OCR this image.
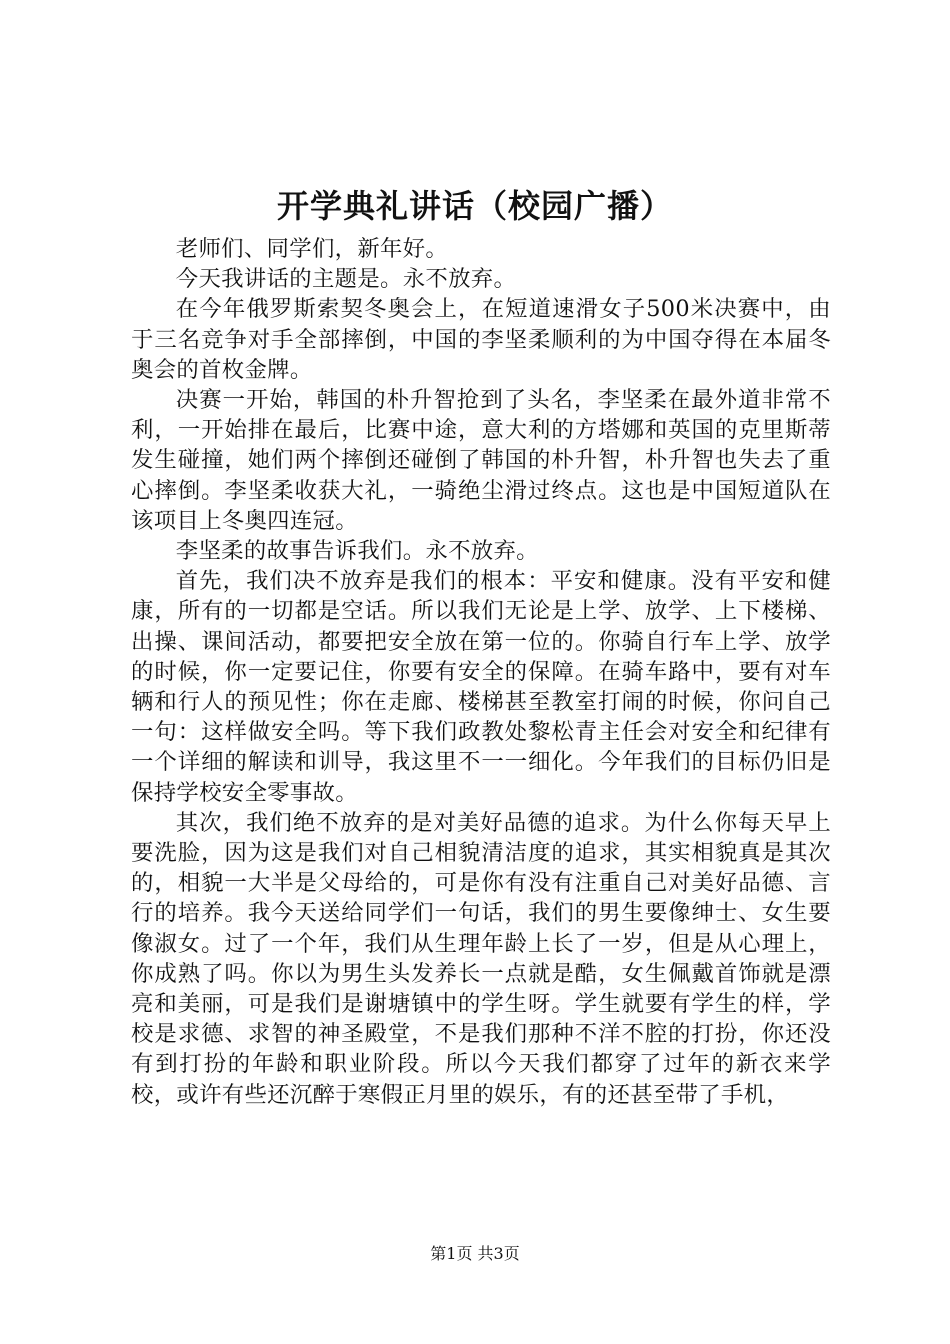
开学典礼讲话（校园广播）

老师们、同学们，新年好。

今天我讲话的主题是。永不放弃。

在今年俄罗斯索契冬奥会上，在短道速滑女子500米决赛中，由于三名竞争对手全部摔倒，中国的李坚柔顺利的为中国夺得在本届冬奥会的首枚金牌。

决赛一开始，韩国的朴升智抢到了头名，李坚柔在最外道非常不利，一开始排在最后，比赛中途，意大利的方塔娜和英国的克里斯蒂发生碰撞，她们两个摔倒还碰倒了韩国的朴升智，朴升智也失去了重心摔倒。李坚柔收获大礼，一骑绝尘滑过终点。这也是中国短道队在该项目上冬奥四连冠。

李坚柔的故事告诉我们。永不放弃。

首先，我们决不放弃是我们的根本：平安和健康。没有平安和健康，所有的一切都是空话。所以我们无论是上学、放学、上下楼梯、出操、课间活动，都要把安全放在第一位的。你骑自行车上学、放学的时候，你一定要记住，你要有安全的保障。在骑车路中，要有对车辆和行人的预见性；你在走廊、楼梯甚至教室打闹的时候，你问自己一句：这样做安全吗。等下我们政教处黎松青主任会对安全和纪律有一个详细的解读和训导，我这里不一一细化。今年我们的目标仍旧是保持学校安全零事故。

其次，我们绝不放弃的是对美好品德的追求。为什么你每天早上要洗脸，因为这是我们对自己相貌清洁度的追求，其实相貌真是其次的，相貌一大半是父母给的，可是你有没有注重自己对美好品德、言行的培养。我今天送给同学们一句话，我们的男生要像绅士、女生要像淑女。过了一个年，我们从生理年龄上长了一岁，但是从心理上，你成熟了吗。你以为男生头发养长一点就是酷，女生佩戴首饰就是漂亮和美丽，可是我们是谢塘镇中的学生呀。学生就要有学生的样，学校是求德、求智的神圣殿堂，不是我们那种不洋不腔的打扮，你还没有到打扮的年龄和职业阶段。所以今天我们都穿了过年的新衣来学校，或许有些还沉醉于寒假正月里的娱乐，有的还甚至带了手机，

第1页 共3页
